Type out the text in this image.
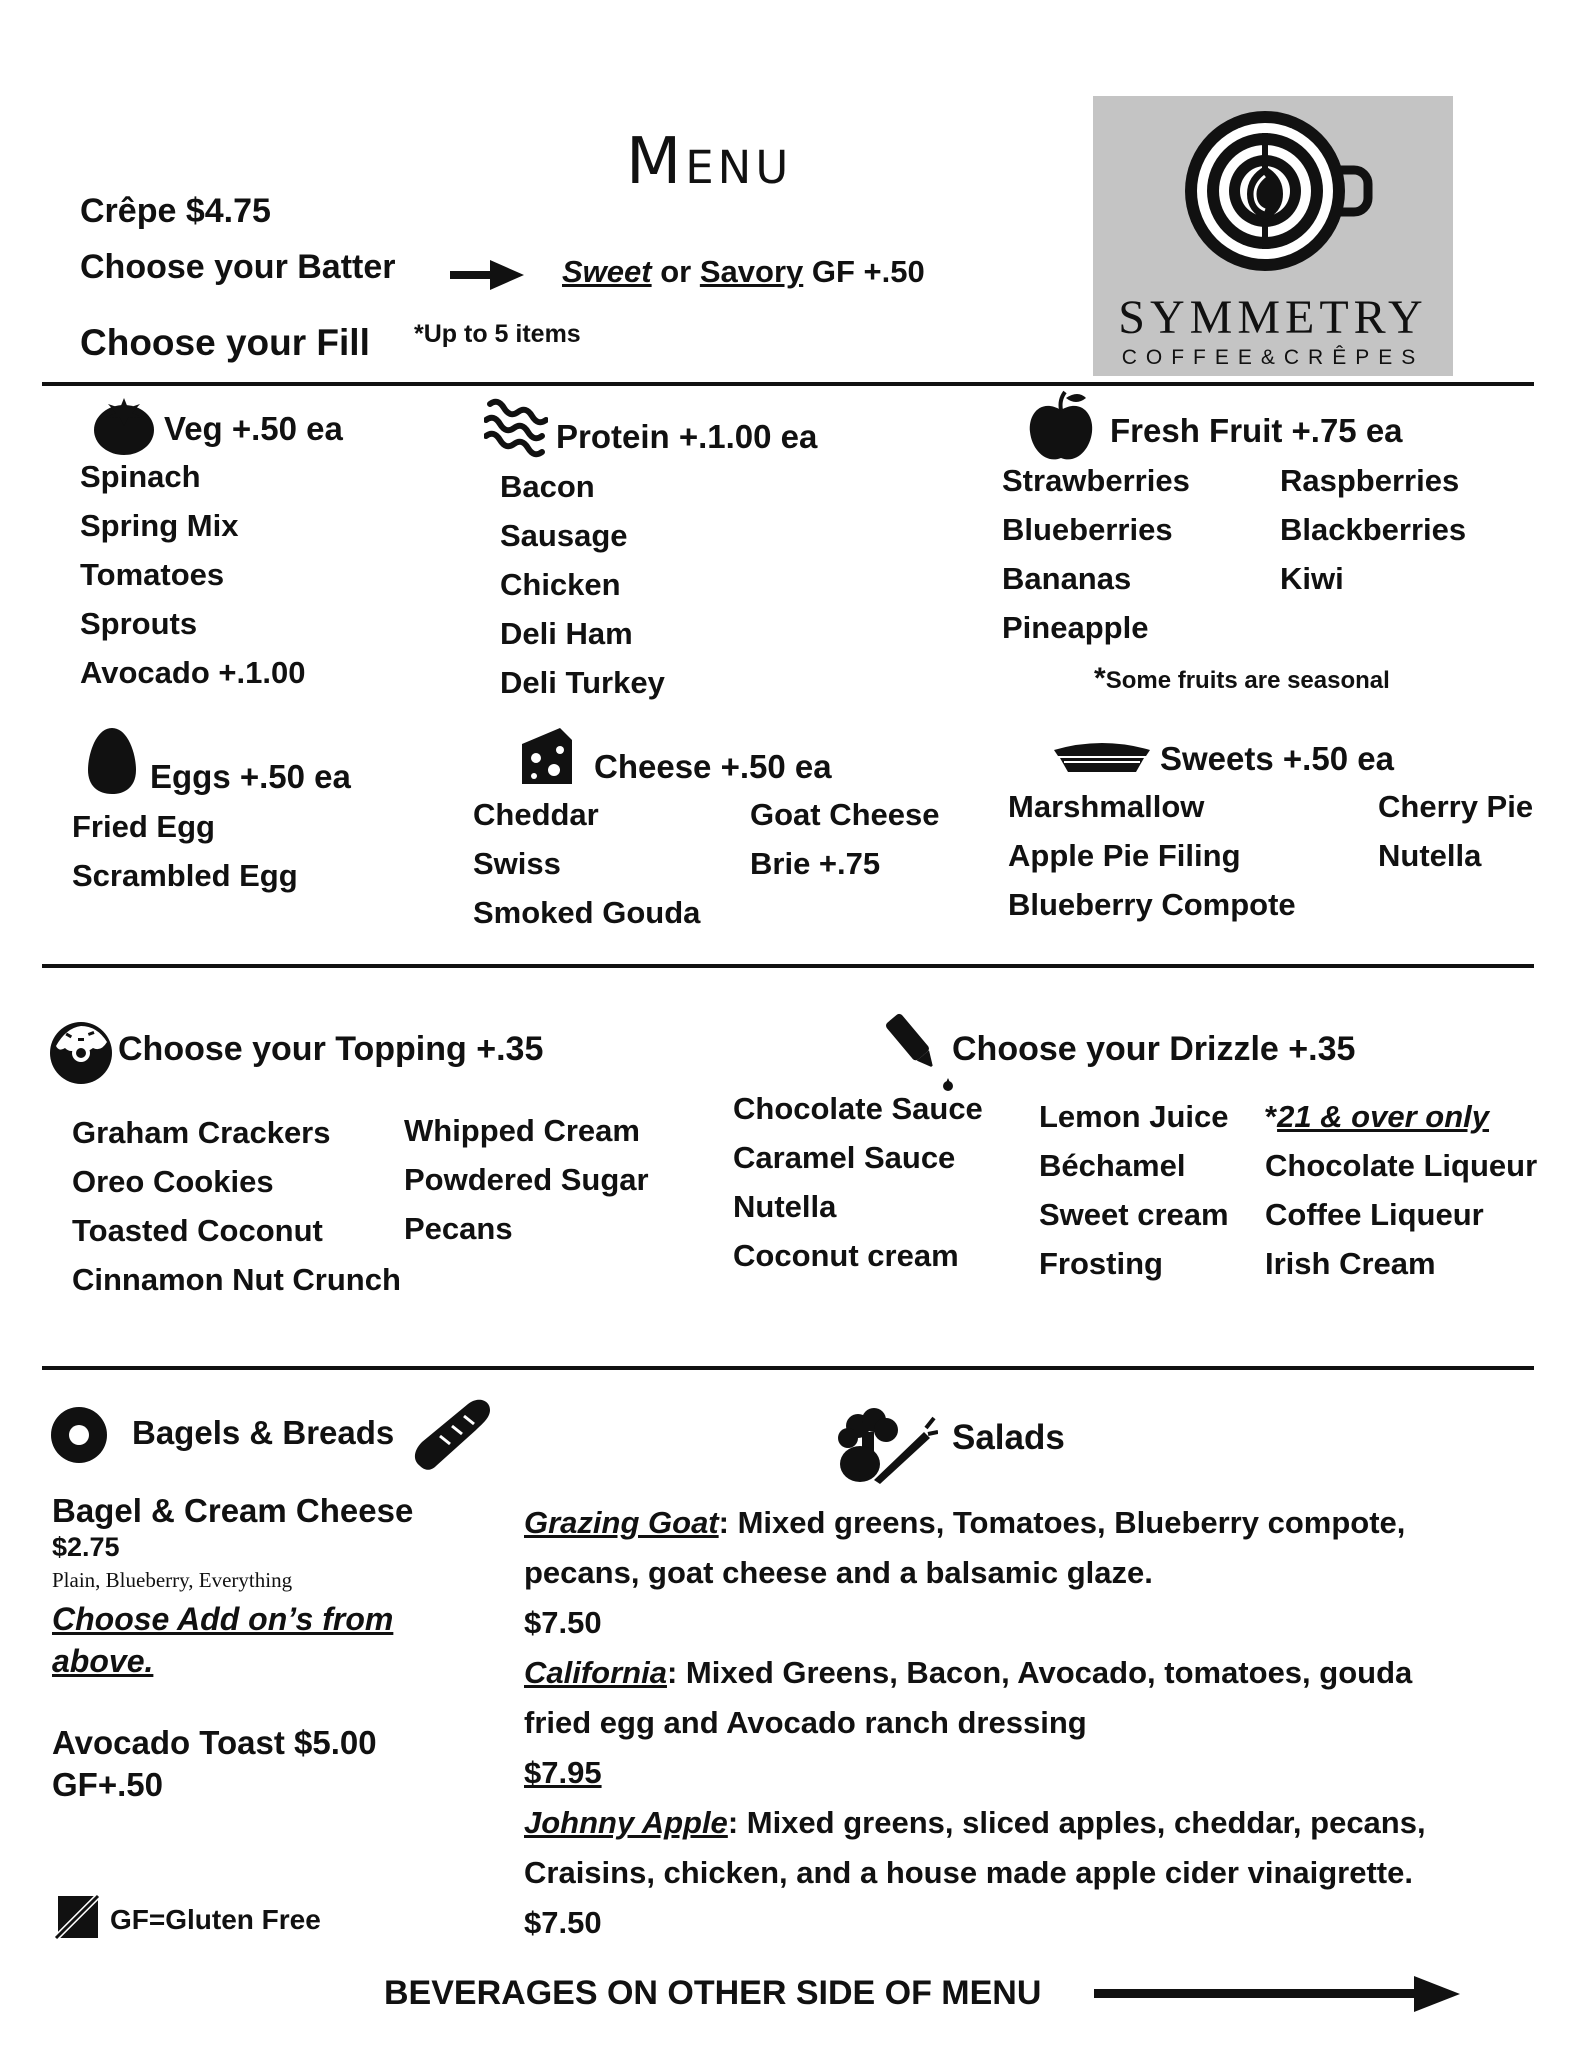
Menu
Crêpe $4.75
Choose your Batter	Sweet or Savory GF +.50
Choose your Fill *Up to 5 items	SYMMETRY
COFFEE&CRÊPES
Veg +.50 ea
Spinach
Spring Mix
Tomatoes
Sprouts
Avocado +.1.00
Protein +.1.00 ea
Bacon
Sausage
Chicken
Deli Ham
Deli Turkey
Fresh Fruit +.75 ea
Strawberries
Blueberries
Bananas
Pineapple
Raspberries
Blackberries
Kiwi
*Some fruits are seasonal
Eggs +.50 ea
Fried Egg
Scrambled Egg
Cheese +.50 ea
Cheddar
Swiss
Smoked Gouda
Goat Cheese
Brie +.75
Sweets +.50 ea
Marshmallow
Apple Pie Filing
Blueberry Compote
Cherry Pie
Nutella
Choose your Topping +.35
Graham Crackers
Oreo Cookies
Toasted Coconut
Cinnamon Nut Crunch
Whipped Cream
Powdered Sugar
Pecans
Choose your Drizzle +.35
Chocolate Sauce
Caramel Sauce
Nutella
Coconut cream
Lemon Juice
Béchamel
Sweet cream
Frosting
*21 & over only
Chocolate Liqueur
Coffee Liqueur
Irish Cream
Bagels & Breads
Bagel & Cream Cheese
$2.75
Plain, Blueberry, Everything
Choose Add on’s from above.
Avocado Toast $5.00
GF+.50
GF=Gluten Free
Salads
Grazing Goat: Mixed greens, Tomatoes, Blueberry compote,
pecans, goat cheese and a balsamic glaze.
$7.50
California: Mixed Greens, Bacon, Avocado, tomatoes, gouda
fried egg and Avocado ranch dressing
$7.95
Johnny Apple: Mixed greens, sliced apples, cheddar, pecans,
Craisins, chicken, and a house made apple cider vinaigrette.
$7.50
BEVERAGES ON OTHER SIDE OF MENU
